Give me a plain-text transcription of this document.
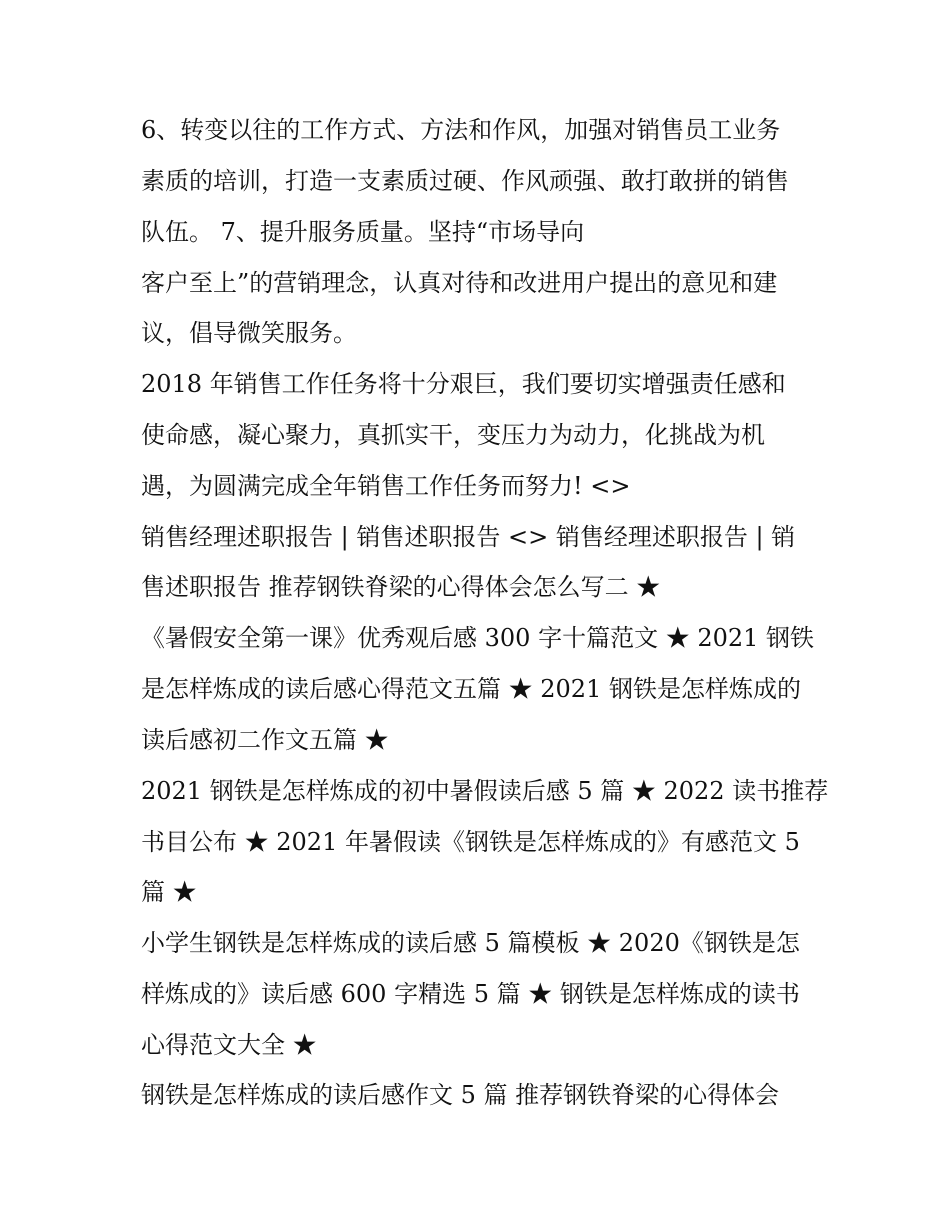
6、转变以往的工作方式、方法和作风，加强对销售员工业务
素质的培训，打造一支素质过硬、作风顽强、敢打敢拼的销售
队伍。 7、提升服务质量。坚持“市场导向
客户至上”的营销理念，认真对待和改进用户提出的意见和建
议，倡导微笑服务。
2018 年销售工作任务将十分艰巨，我们要切实增强责任感和
使命感，凝心聚力，真抓实干，变压力为动力，化挑战为机
遇，为圆满完成全年销售工作任务而努力! <>
销售经理述职报告 | 销售述职报告 <> 销售经理述职报告 | 销
售述职报告 推荐钢铁脊梁的心得体会怎么写二 ★
《暑假安全第一课》优秀观后感 300 字十篇范文 ★ 2021 钢铁
是怎样炼成的读后感心得范文五篇 ★ 2021 钢铁是怎样炼成的
读后感初二作文五篇 ★
2021 钢铁是怎样炼成的初中暑假读后感 5 篇 ★ 2022 读书推荐
书目公布 ★ 2021 年暑假读《钢铁是怎样炼成的》有感范文 5
篇 ★
小学生钢铁是怎样炼成的读后感 5 篇模板 ★ 2020《钢铁是怎
样炼成的》读后感 600 字精选 5 篇 ★ 钢铁是怎样炼成的读书
心得范文大全 ★
钢铁是怎样炼成的读后感作文 5 篇 推荐钢铁脊梁的心得体会
